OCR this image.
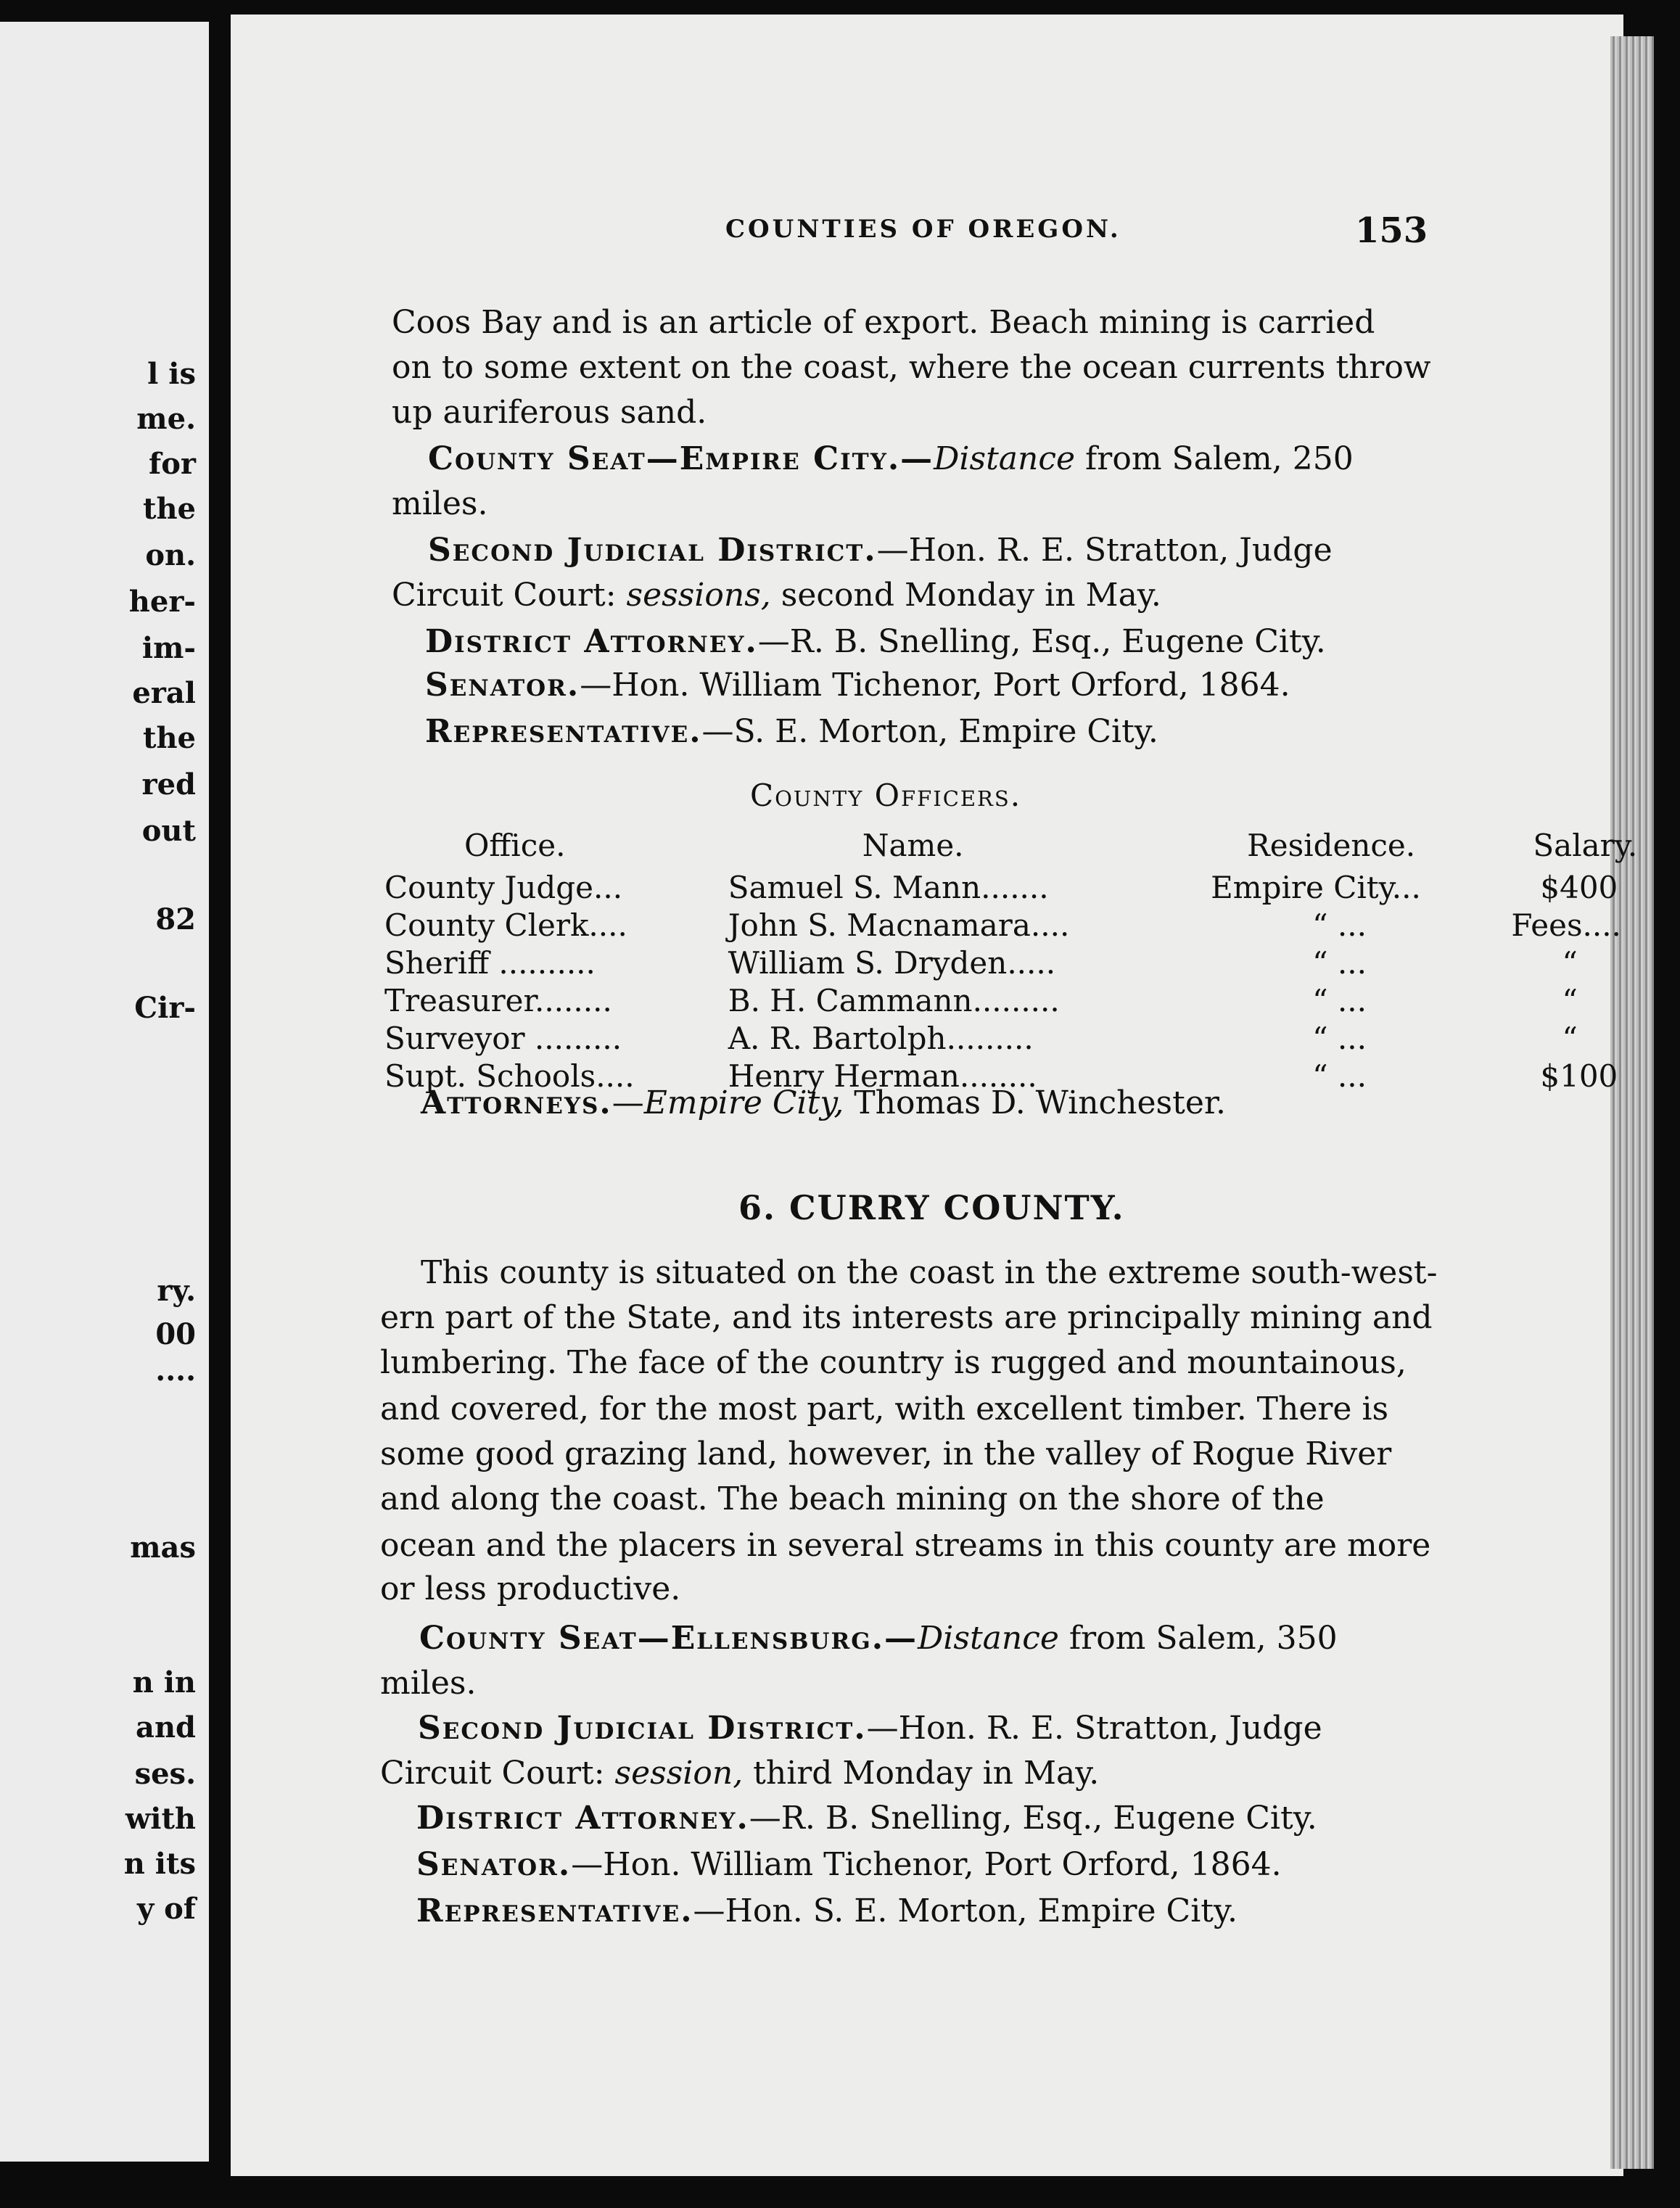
l is
me.
for
the
on.
her-
im-
eral
the
red
out
82
Cir-
ry.
00
....
mas
n in
and
ses.
with
n its
y of
COUNTIES OF OREGON.	153
Coos Bay and is an article of export. Beach mining is carried
on to some extent on the coast, where the ocean currents throw
up auriferous sand.
County Seat—Empire City.—Distance from Salem, 250
miles.
Second Judicial District.—Hon. R. E. Stratton, Judge
Circuit Court: sessions, second Monday in May.
District Attorney.—R. B. Snelling, Esq., Eugene City.
Senator.—Hon. William Tichenor, Port Orford, 1864.
Representative.—S. E. Morton, Empire City.
County Officers.
Office.	Name.	Residence.	Salary.
County Judge...	Samuel S. Mann.......	Empire City...	$400
County Clerk....	John S. Macnamara....	“ ...	Fees....
Sheriff ..........	William S. Dryden.....	“ ...	“
Treasurer........	B. H. Cammann.........	“ ...	“
Surveyor .........	A. R. Bartolph.........	“ ...	“
Supt. Schools....	Henry Herman........	“ ...	$100
Attorneys.—Empire City, Thomas D. Winchester.
6. CURRY COUNTY.
This county is situated on the coast in the extreme south-west-
ern part of the State, and its interests are principally mining and
lumbering. The face of the country is rugged and mountainous,
and covered, for the most part, with excellent timber. There is
some good grazing land, however, in the valley of Rogue River
and along the coast. The beach mining on the shore of the
ocean and the placers in several streams in this county are more
or less productive.
County Seat—Ellensburg.—Distance from Salem, 350
miles.
Second Judicial District.—Hon. R. E. Stratton, Judge
Circuit Court: session, third Monday in May.
District Attorney.—R. B. Snelling, Esq., Eugene City.
Senator.—Hon. William Tichenor, Port Orford, 1864.
Representative.—Hon. S. E. Morton, Empire City.
